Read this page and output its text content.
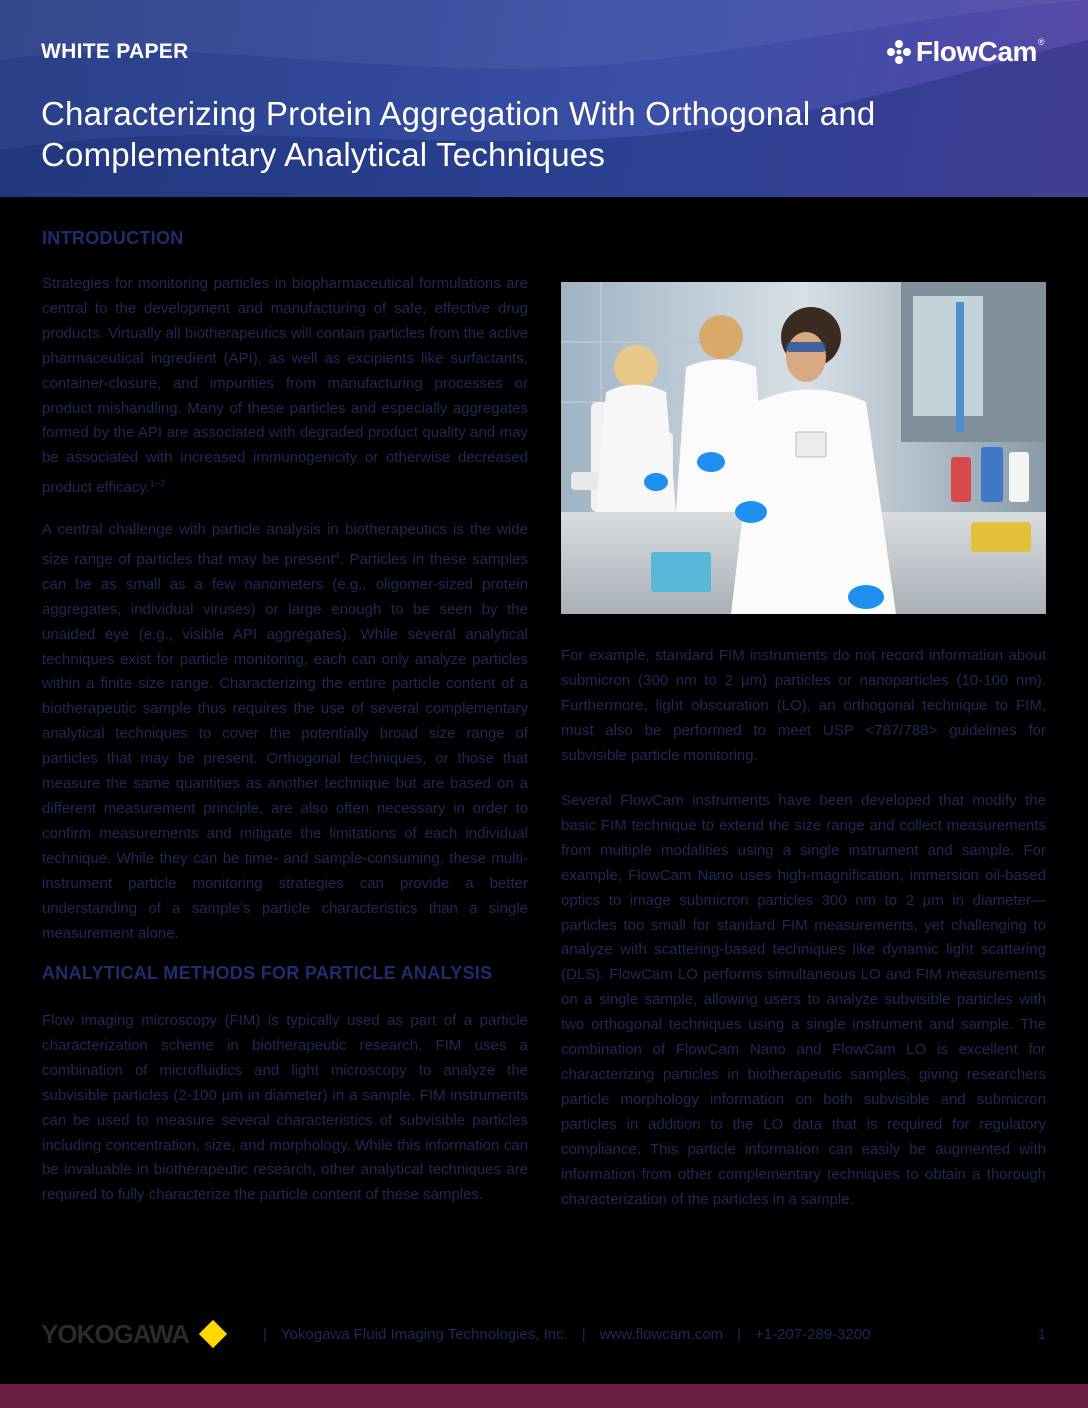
WHITE PAPER	FlowCam®
Characterizing Protein Aggregation With Orthogonal and Complementary Analytical Techniques
INTRODUCTION

Strategies for monitoring particles in biopharmaceutical formulations are central to the development and manufacturing of safe, effective drug products. Virtually all biotherapeutics will contain particles from the active pharmaceutical ingredient (API), as well as excipients like surfactants, container-closure, and impurities from manufacturing processes or product mishandling. Many of these particles and especially aggregates formed by the API are associated with degraded product quality and may be associated with increased immunogenicity or otherwise decreased product efficacy.$^{1-3}$

A central challenge with particle analysis in biotherapeutics is the wide size range of particles that may be present$^4$. Particles in these samples can be as small as a few nanometers (e.g., oligomer-sized protein aggregates, individual viruses) or large enough to be seen by the unaided eye (e.g., visible API aggregates). While several analytical techniques exist for particle monitoring, each can only analyze particles within a finite size range. Characterizing the entire particle content of a biotherapeutic sample thus requires the use of several complementary analytical techniques to cover the potentially broad size range of particles that may be present. Orthogonal techniques, or those that measure the same quantities as another technique but are based on a different measurement principle, are also often necessary in order to confirm measurements and mitigate the limitations of each individual technique. While they can be time- and sample-consuming, these multi-instrument particle monitoring strategies can provide a better understanding of a sample’s particle characteristics than a single measurement alone.

ANALYTICAL METHODS FOR PARTICLE ANALYSIS

Flow imaging microscopy (FIM) is typically used as part of a particle characterization scheme in biotherapeutic research. FIM uses a combination of microfluidics and light microscopy to analyze the subvisible particles (2-100 µm in diameter) in a sample. FIM instruments can be used to measure several characteristics of subvisible particles including concentration, size, and morphology. While this information can be invaluable in biotherapeutic research, other analytical techniques are required to fully characterize the particle content of these samples.

For example, standard FIM instruments do not record information about submicron (300 nm to 2 µm) particles or nanoparticles (10-100 nm). Furthermore, light obscuration (LO), an orthogonal technique to FIM, must also be performed to meet USP <787/788> guidelines for subvisible particle monitoring.

Several FlowCam instruments have been developed that modify the basic FIM technique to extend the size range and collect measurements from multiple modalities using a single instrument and sample. For example, FlowCam Nano uses high-magnification, immersion oil-based optics to image submicron particles 300 nm to 2 µm in diameter—particles too small for standard FIM measurements, yet challenging to analyze with scattering-based techniques like dynamic light scattering (DLS). FlowCam LO performs simultaneous LO and FIM measurements on a single sample, allowing users to analyze subvisible particles with two orthogonal techniques using a single instrument and sample. The combination of FlowCam Nano and FlowCam LO is excellent for characterizing particles in biotherapeutic samples, giving researchers particle morphology information on both subvisible and submicron particles in addition to the LO data that is required for regulatory compliance. This particle information can easily be augmented with information from other complementary techniques to obtain a thorough characterization of the particles in a sample.

YOKOGAWA	| Yokogawa Fluid Imaging Technologies, Inc. | www.flowcam.com | +1-207-289-3200	1
